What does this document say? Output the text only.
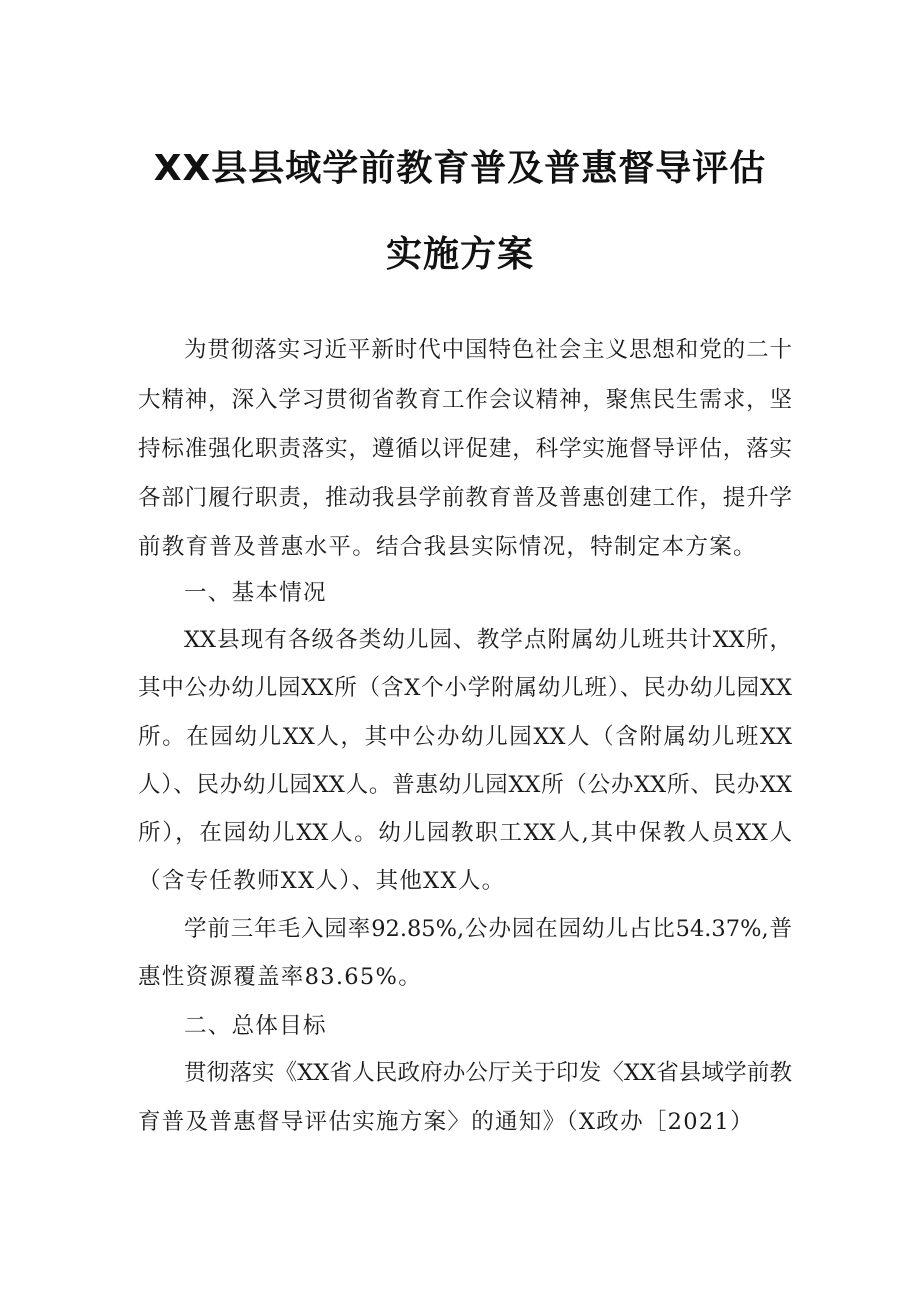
XX县县域学前教育普及普惠督导评估
实施方案
为贯彻落实习近平新时代中国特色社会主义思想和党的二十
大精神，深入学习贯彻省教育工作会议精神，聚焦民生需求，坚
持标准强化职责落实，遵循以评促建，科学实施督导评估，落实
各部门履行职责，推动我县学前教育普及普惠创建工作，提升学
前教育普及普惠水平。结合我县实际情况，特制定本方案。
一、基本情况
XX县现有各级各类幼儿园、教学点附属幼儿班共计XX所，
其中公办幼儿园XX所（含X个小学附属幼儿班）、民办幼儿园XX
所。在园幼儿XX人，其中公办幼儿园XX人（含附属幼儿班XX
人）、民办幼儿园XX人。普惠幼儿园XX所（公办XX所、民办XX
所），在园幼儿XX人。幼儿园教职工XX人,其中保教人员XX人
（含专任教师XX人）、其他XX人。
学前三年毛入园率92.85%,公办园在园幼儿占比54.37%,普
惠性资源覆盖率83.65%。
二、总体目标
贯彻落实《XX省人民政府办公厅关于印发〈XX省县域学前教
育普及普惠督导评估实施方案〉的通知》（X政办［2021）
